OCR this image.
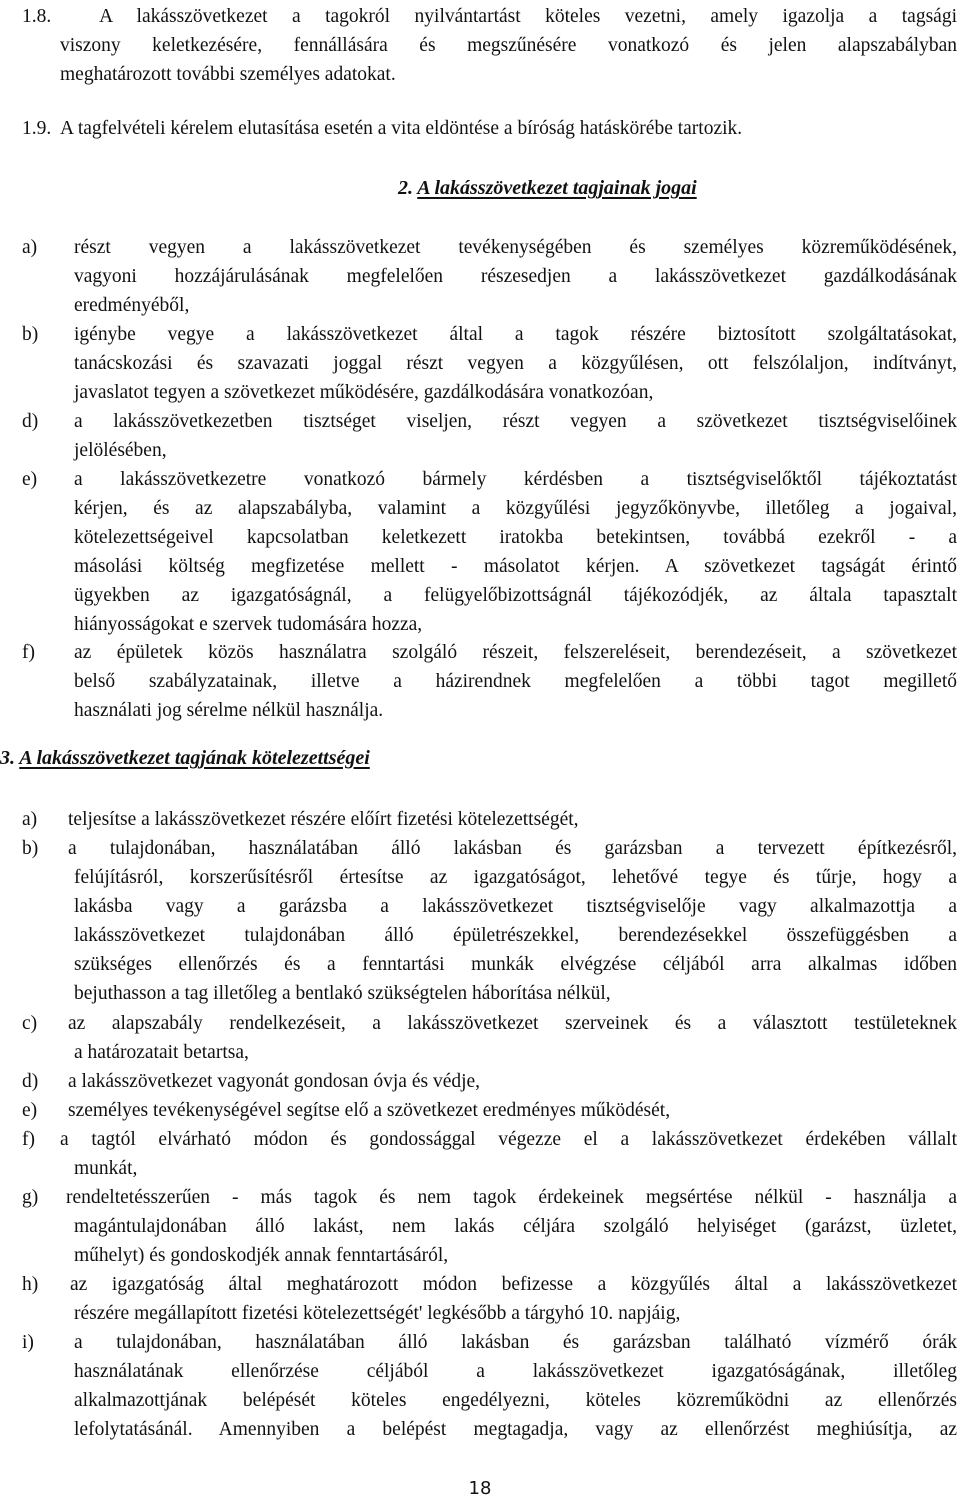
1.8. A lakásszövetkezet a tagokról nyilvántartást köteles vezetni, amely igazolja a tagsági
viszony keletkezésére, fennállására és megszűnésére vonatkozó és jelen alapszabályban
meghatározott további személyes adatokat.
1.9. A tagfelvételi kérelem elutasítása esetén a vita eldöntése a bíróság hatáskörébe tartozik.
2. A lakásszövetkezet tagjainak jogai
a) részt vegyen a lakásszövetkezet tevékenységében és személyes közreműködésének,
vagyoni hozzájárulásának megfelelően részesedjen a lakásszövetkezet gazdálkodásának
eredményéből,
b) igénybe vegye a lakásszövetkezet által a tagok részére biztosított szolgáltatásokat,
tanácskozási és szavazati joggal részt vegyen a közgyűlésen, ott felszólaljon, indítványt,
javaslatot tegyen a szövetkezet működésére, gazdálkodására vonatkozóan,
d) a lakásszövetkezetben tisztséget viseljen, részt vegyen a szövetkezet tisztségviselőinek
jelölésében,
e) a lakásszövetkezetre vonatkozó bármely kérdésben a tisztségviselőktől tájékoztatást
kérjen, és az alapszabályba, valamint a közgyűlési jegyzőkönyvbe, illetőleg a jogaival,
kötelezettségeivel kapcsolatban keletkezett iratokba betekintsen, továbbá ezekről - a
másolási költség megfizetése mellett - másolatot kérjen. A szövetkezet tagságát érintő
ügyekben az igazgatóságnál, a felügyelőbizottságnál tájékozódjék, az általa tapasztalt
hiányosságokat e szervek tudomására hozza,
f) az épületek közös használatra szolgáló részeit, felszereléseit, berendezéseit, a szövetkezet
belső szabályzatainak, illetve a házirendnek megfelelően a többi tagot megillető
használati jog sérelme nélkül használja.
3. A lakásszövetkezet tagjának kötelezettségei
a) teljesítse a lakásszövetkezet részére előírt fizetési kötelezettségét,
b) a tulajdonában, használatában álló lakásban és garázsban a tervezett építkezésről,
felújításról, korszerűsítésről értesítse az igazgatóságot, lehetővé tegye és tűrje, hogy a
lakásba vagy a garázsba a lakásszövetkezet tisztségviselője vagy alkalmazottja a
lakásszövetkezet tulajdonában álló épületrészekkel, berendezésekkel összefüggésben a
szükséges ellenőrzés és a fenntartási munkák elvégzése céljából arra alkalmas időben
bejuthasson a tag illetőleg a bentlakó szükségtelen háborítása nélkül,
c) az alapszabály rendelkezéseit, a lakásszövetkezet szerveinek és a választott testületeknek
a határozatait betartsa,
d) a lakásszövetkezet vagyonát gondosan óvja és védje,
e) személyes tevékenységével segítse elő a szövetkezet eredményes működését,
f) a tagtól elvárható módon és gondossággal végezze el a lakásszövetkezet érdekében vállalt
munkát,
g) rendeltetésszerűen - más tagok és nem tagok érdekeinek megsértése nélkül - használja a
magántulajdonában álló lakást, nem lakás céljára szolgáló helyiséget (garázst, üzletet,
műhelyt) és gondoskodjék annak fenntartásáról,
h) az igazgatóság által meghatározott módon befizesse a közgyűlés által a lakásszövetkezet
részére megállapított fizetési kötelezettségét' legkésőbb a tárgyhó 10. napjáig,
i) a tulajdonában, használatában álló lakásban és garázsban található vízmérő órák
használatának ellenőrzése céljából a lakásszövetkezet igazgatóságának, illetőleg
alkalmazottjának belépését köteles engedélyezni, köteles közreműködni az ellenőrzés
lefolytatásánál. Amennyiben a belépést megtagadja, vagy az ellenőrzést meghiúsítja, az
18
